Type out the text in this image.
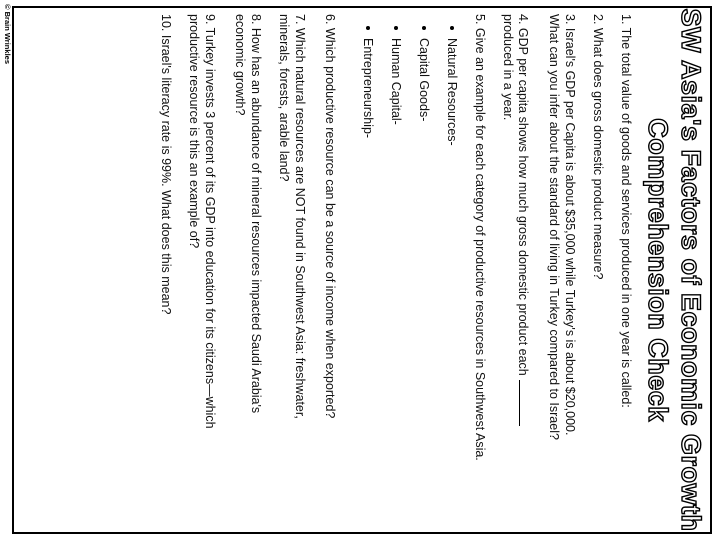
© Brain Wrinkles	SW Asia's Factors of Economic Growth
Comprehension Check
1. The total value of goods and services produced in one year is called:
2. What does gross domestic product measure?
3. Israel's GDP per Capita is about $35,000 while Turkey's is about $20,000.
What can you infer about the standard of living in Turkey compared to Israel?
4. GDP per capita shows how much gross domestic product each
produced in a year.
5. Give an example for each category of productive resources in Southwest Asia.
Natural Resources-
Capital Goods-
Human Capital-
Entrepreneurship-
6. Which productive resource can be a source of income when exported?
7. Which natural resources are NOT found in Southwest Asia: freshwater,
minerals, forests, arable land?
8. How has an abundance of mineral resources impacted Saudi Arabia's
economic growth?
9. Turkey invests 3 percent of its GDP into education for its citizens—which
productive resource is this an example of?
10. Israel's literacy rate is 99%. What does this mean?
